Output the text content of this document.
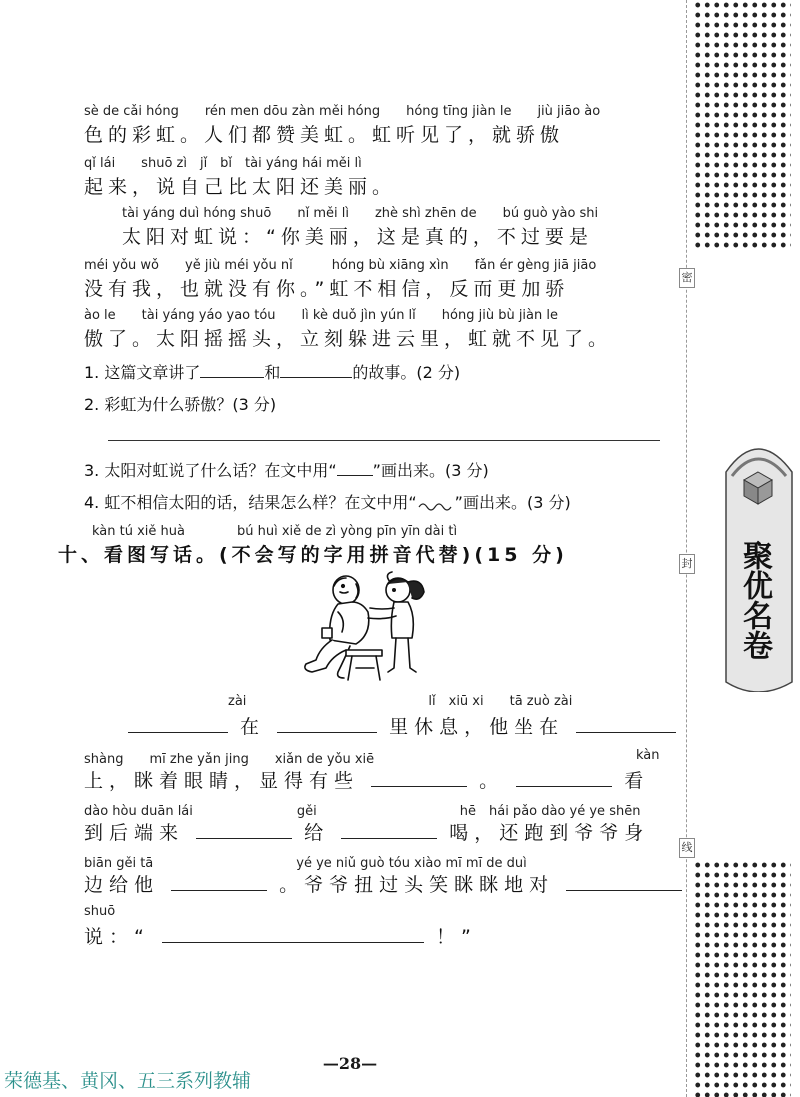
sè de cǎi hóng　　rén men dōu zàn měi hóng　　hóng tīng jiàn le　　jiù jiāo ào
色的彩虹。人们都赞美虹。虹听见了，就骄傲
qǐ lái　　shuō zì　jǐ　bǐ　tài yáng hái měi lì
起来，说自己比太阳还美丽。
tài yáng duì hóng shuō　　nǐ měi lì　　zhè shì zhēn de　　bú guò yào shi
太阳对虹说：“你美丽，这是真的，不过要是
méi yǒu wǒ　　yě jiù méi yǒu nǐ　　　hóng bù xiāng xìn　　fǎn ér gèng jiā jiāo
没有我，也就没有你。”虹不相信，反而更加骄
ào le　　tài yáng yáo yao tóu　　lì kè duǒ jìn yún lǐ　　hóng jiù bù jiàn le
傲了。太阳摇摇头，立刻躲进云里，虹就不见了。
1. 这篇文章讲了	和	的故事。(2 分)
2. 彩虹为什么骄傲？(3 分)
3. 太阳对虹说了什么话？在文中用“ ”画出来。(3 分)
4. 虹不相信太阳的话，结果怎么样？在文中用“ ”画出来。(3 分)
kàn tú xiě huà　　　　bú huì xiě de zì yòng pīn yīn dài tì
十、看图写话。(不会写的字用拼音代替)(15 分)
zài　　　　　　　　　　　　　　lǐ　xiū xi　　tā zuò zài
在	里休息，他坐在
shàng　　mī zhe yǎn jing　　xiǎn de yǒu xiē	kàn
上，眯着眼睛，显得有些	。	看
dào hòu duān lái　　　　　　　　gěi　　　　　　　　　　　hē　hái pǎo dào yé ye shēn
到后端来	给	喝，还跑到爷爷身
biān gěi tā　　　　　　　　　　　yé ye niǔ guò tóu xiào mī mī de duì
边给他	。爷爷扭过头笑眯眯地对
shuō
说：“	！”
密
封
线
聚优名卷
—28—
荣德基、黄冈、五三系列教辅
